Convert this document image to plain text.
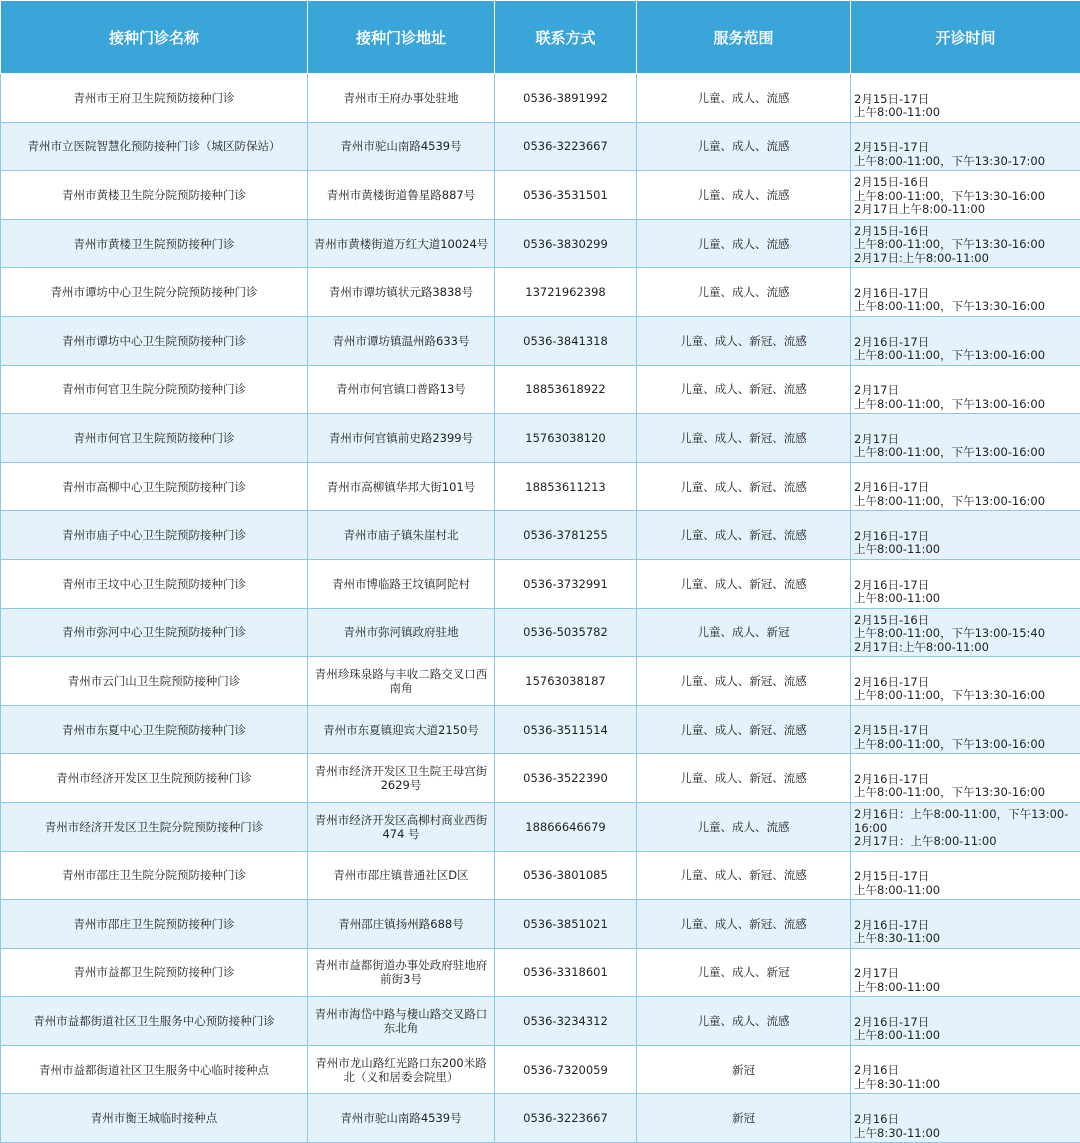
接种门诊名称	接种门诊地址	联系方式	服务范围	开诊时间
青州市王府卫生院预防接种门诊	青州市王府办事处驻地	0536-3891992	儿童、成人、流感	2月15日-17日
上午8:00-11:00

青州市立医院智慧化预防接种门诊（城区防保站）	青州市驼山南路4539号	0536-3223667	儿童、成人、流感	2月15日-17日
上午8:00-11:00，下午13:30-17:00

青州市黄楼卫生院分院预防接种门诊	青州市黄楼街道鲁星路887号	0536-3531501	儿童、成人、流感	2月15日-16日
上午8:00-11:00，下午13:30-16:00
2月17日上午8:00-11:00

青州市黄楼卫生院预防接种门诊	青州市黄楼街道万红大道10024号	0536-3830299	儿童、成人、流感	2月15日-16日
上午8:00-11:00，下午13:30-16:00
2月17日:上午8:00-11:00

青州市谭坊中心卫生院分院预防接种门诊	青州市谭坊镇状元路3838号	13721962398	儿童、成人、流感	2月16日-17日
上午8:00-11:00，下午13:30-16:00

青州市谭坊中心卫生院预防接种门诊	青州市谭坊镇温州路633号	0536-3841318	儿童、成人、新冠、流感	2月16日-17日
上午8:00-11:00，下午13:00-16:00

青州市何官卫生院分院预防接种门诊	青州市何官镇口普路13号	18853618922	儿童、成人、新冠、流感	2月17日
上午8:00-11:00，下午13:00-16:00

青州市何官卫生院预防接种门诊	青州市何官镇前史路2399号	15763038120	儿童、成人、新冠、流感	2月17日
上午8:00-11:00，下午13:00-16:00

青州市高柳中心卫生院预防接种门诊	青州市高柳镇华邦大街101号	18853611213	儿童、成人、新冠、流感	2月16日-17日
上午8:00-11:00，下午13:00-16:00

青州市庙子中心卫生院预防接种门诊	青州市庙子镇朱崖村北	0536-3781255	儿童、成人、新冠、流感	2月16日-17日
上午8:00-11:00

青州市王坟中心卫生院预防接种门诊	青州市博临路王坟镇阿陀村	0536-3732991	儿童、成人、新冠、流感	2月16日-17日
上午8:00-11:00

青州市弥河中心卫生院预防接种门诊	青州市弥河镇政府驻地	0536-5035782	儿童、成人、新冠	2月15日-16日
上午8:00-11:00，下午13:00-15:40
2月17日:上午8:00-11:00

青州市云门山卫生院预防接种门诊	青州珍珠泉路与丰收二路交叉口西南角	15763038187	儿童、成人、新冠、流感	2月16日-17日
上午8:00-11:00，下午13:30-16:00

青州市东夏中心卫生院预防接种门诊	青州市东夏镇迎宾大道2150号	0536-3511514	儿童、成人、新冠、流感	2月15日-17日
上午8:00-11:00，下午13:00-16:00

青州市经济开发区卫生院预防接种门诊	青州市经济开发区卫生院王母宫街2629号	0536-3522390	儿童、成人、新冠、流感	2月16日-17日
上午8:00-11:00，下午13:30-16:00

青州市经济开发区卫生院分院预防接种门诊	青州市经济开发区高柳村商业西街474 号	18866646679	儿童、成人、流感	2月16日：上午8:00-11:00，下午13:00-
16:00
2月17日：上午8:00-11:00

青州市邵庄卫生院分院预防接种门诊	青州市邵庄镇普通社区D区	0536-3801085	儿童、成人、新冠、流感	2月15日-17日
上午8:00-11:00

青州市邵庄卫生院预防接种门诊	青州邵庄镇扬州路688号	0536-3851021	儿童、成人、新冠、流感	2月16日-17日
上午8:30-11:00

青州市益都卫生院预防接种门诊	青州市益都街道办事处政府驻地府前街3号	0536-3318601	儿童、成人、新冠	2月17日
上午8:00-11:00

青州市益都街道社区卫生服务中心预防接种门诊	青州市海岱中路与棲山路交叉路口东北角	0536-3234312	儿童、成人、流感	2月16日-17日
上午8:00-11:00

青州市益都街道社区卫生服务中心临时接种点	青州市龙山路红光路口东200米路北（义和居委会院里）	0536-7320059	新冠	2月16日
上午8:30-11:00

青州市衡王城临时接种点	青州市驼山南路4539号	0536-3223667	新冠	2月16日
上午8:30-11:00
